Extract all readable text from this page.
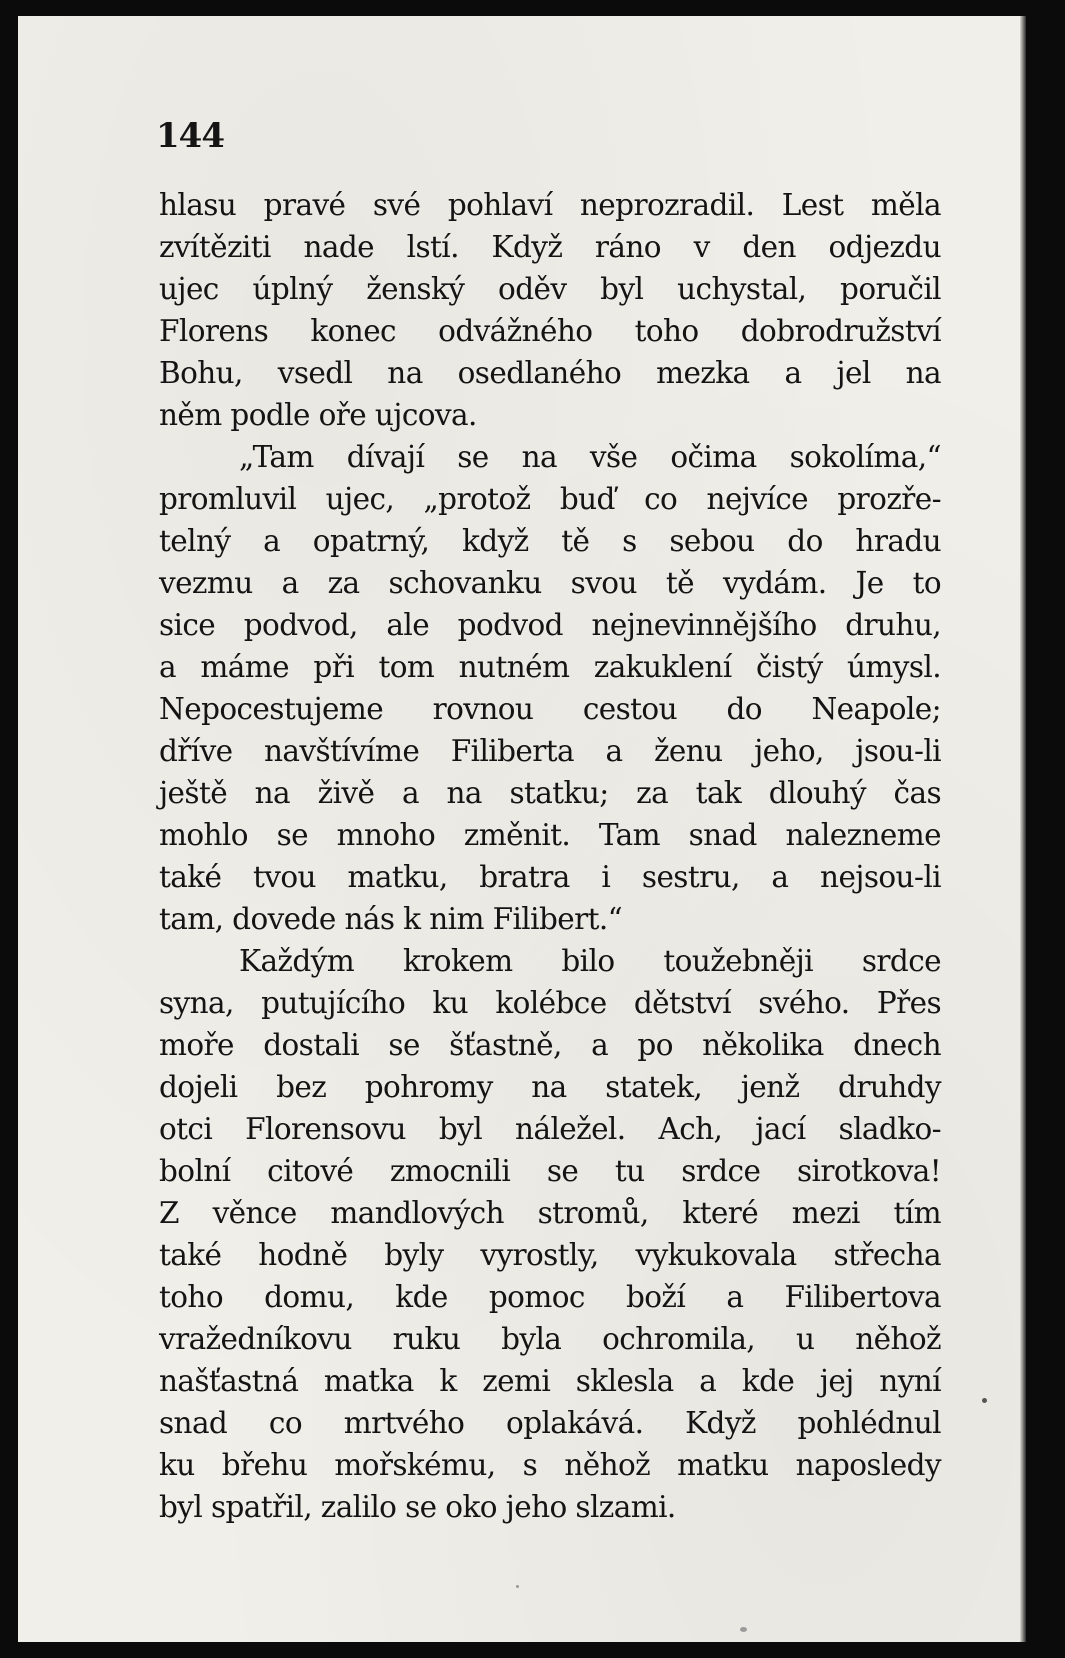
144
hlasu pravé své pohlaví neprozradil. Lest měla
zvítěziti nade lstí. Když ráno v den odjezdu
ujec úplný ženský oděv byl uchystal, poručil
Florens konec odvážného toho dobrodružství
Bohu, vsedl na osedlaného mezka a jel na
něm podle oře ujcova.
„Tam dívají se na vše očima sokolíma,“
promluvil ujec, „protož buď co nejvíce prozře-
telný a opatrný, když tě s sebou do hradu
vezmu a za schovanku svou tě vydám. Je to
sice podvod, ale podvod nejnevinnějšího druhu,
a máme při tom nutném zakuklení čistý úmysl.
Nepocestujeme rovnou cestou do Neapole;
dříve navštívíme Filiberta a ženu jeho, jsou-li
ještě na živě a na statku; za tak dlouhý čas
mohlo se mnoho změnit. Tam snad nalezneme
také tvou matku, bratra i sestru, a nejsou-li
tam, dovede nás k nim Filibert.“
Každým krokem bilo toužebněji srdce
syna, putujícího ku kolébce dětství svého. Přes
moře dostali se šťastně, a po několika dnech
dojeli bez pohromy na statek, jenž druhdy
otci Florensovu byl náležel. Ach, jací sladko-
bolní citové zmocnili se tu srdce sirotkova!
Z věnce mandlových stromů, které mezi tím
také hodně byly vyrostly, vykukovala střecha
toho domu, kde pomoc boží a Filibertova
vražedníkovu ruku byla ochromila, u něhož
našťastná matka k zemi sklesla a kde jej nyní
snad co mrtvého oplakává. Když pohlédnul
ku břehu mořskému, s něhož matku naposledy
byl spatřil, zalilo se oko jeho slzami.
